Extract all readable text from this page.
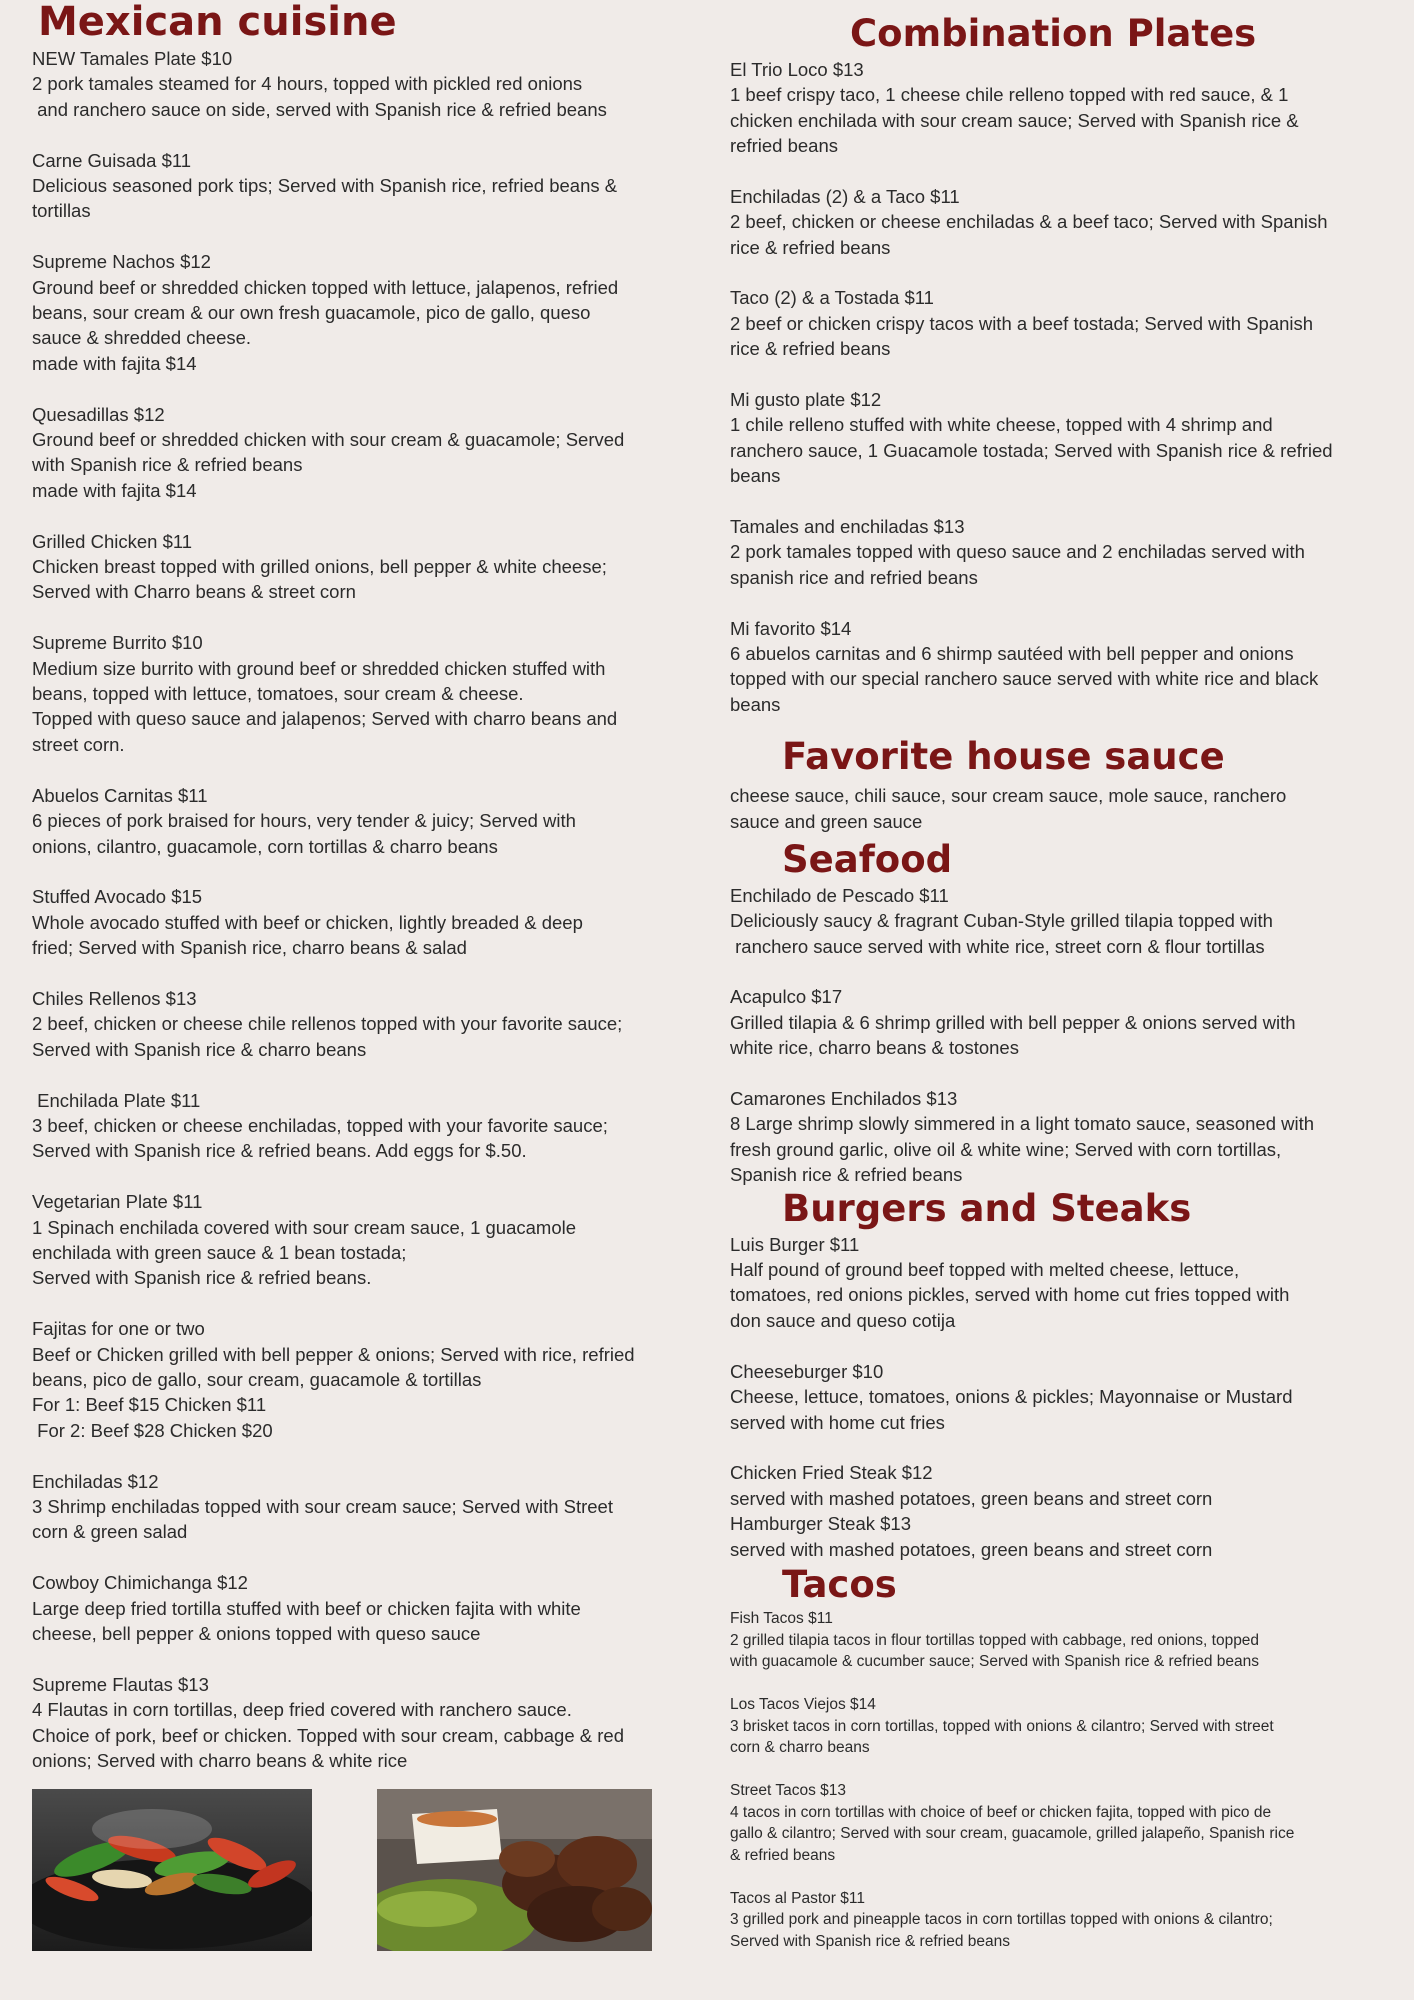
Mexican cuisine

NEW Tamales Plate $10

2 pork tamales steamed for 4 hours, topped with pickled red onions

and ranchero sauce on side, served with Spanish rice & refried beans

Carne Guisada $11

Delicious seasoned pork tips; Served with Spanish rice, refried beans &

tortillas

Supreme Nachos $12

Ground beef or shredded chicken topped with lettuce, jalapenos, refried

beans, sour cream & our own fresh guacamole, pico de gallo, queso

sauce & shredded cheese.

made with fajita $14

Quesadillas $12

Ground beef or shredded chicken with sour cream & guacamole; Served

with Spanish rice & refried beans

made with fajita $14

Grilled Chicken $11

Chicken breast topped with grilled onions, bell pepper & white cheese;

Served with Charro beans & street corn

Supreme Burrito $10

Medium size burrito with ground beef or shredded chicken stuffed with

beans, topped with lettuce, tomatoes, sour cream & cheese.

Topped with queso sauce and jalapenos; Served with charro beans and

street corn.

Abuelos Carnitas $11

6 pieces of pork braised for hours, very tender & juicy; Served with

onions, cilantro, guacamole, corn tortillas & charro beans

Stuffed Avocado $15

Whole avocado stuffed with beef or chicken, lightly breaded & deep

fried; Served with Spanish rice, charro beans & salad

Chiles Rellenos $13

2 beef, chicken or cheese chile rellenos topped with your favorite sauce;

Served with Spanish rice & charro beans

Enchilada Plate $11

3 beef, chicken or cheese enchiladas, topped with your favorite sauce;

Served with Spanish rice & refried beans. Add eggs for $.50.

Vegetarian Plate $11

1 Spinach enchilada covered with sour cream sauce, 1 guacamole

enchilada with green sauce & 1 bean tostada;

Served with Spanish rice & refried beans.

Fajitas for one or two

Beef or Chicken grilled with bell pepper & onions; Served with rice, refried

beans, pico de gallo, sour cream, guacamole & tortillas

For 1: Beef $15 Chicken $11

For 2: Beef $28 Chicken $20

Enchiladas $12

3 Shrimp enchiladas topped with sour cream sauce; Served with Street

corn & green salad

Cowboy Chimichanga $12

Large deep fried tortilla stuffed with beef or chicken fajita with white

cheese, bell pepper & onions topped with queso sauce

Supreme Flautas $13

4 Flautas in corn tortillas, deep fried covered with ranchero sauce.

Choice of pork, beef or chicken. Topped with sour cream, cabbage & red

onions; Served with charro beans & white rice

Combination Plates

El Trio Loco $13

1 beef crispy taco, 1 cheese chile relleno topped with red sauce, & 1

chicken enchilada with sour cream sauce; Served with Spanish rice &

refried beans

Enchiladas (2) & a Taco $11

2 beef, chicken or cheese enchiladas & a beef taco; Served with Spanish

rice & refried beans

Taco (2) & a Tostada $11

2 beef or chicken crispy tacos with a beef tostada; Served with Spanish

rice & refried beans

Mi gusto plate $12

1 chile relleno stuffed with white cheese, topped with 4 shrimp and

ranchero sauce, 1 Guacamole tostada; Served with Spanish rice & refried

beans

Tamales and enchiladas $13

2 pork tamales topped with queso sauce and 2 enchiladas served with

spanish rice and refried beans

Mi favorito $14

6 abuelos carnitas and 6 shirmp sautéed with bell pepper and onions

topped with our special ranchero sauce served with white rice and black

beans

Favorite house sauce

cheese sauce, chili sauce, sour cream sauce, mole sauce, ranchero

sauce and green sauce

Seafood

Enchilado de Pescado $11

Deliciously saucy & fragrant Cuban-Style grilled tilapia topped with

ranchero sauce served with white rice, street corn & flour tortillas

Acapulco $17

Grilled tilapia & 6 shrimp grilled with bell pepper & onions served with

white rice, charro beans & tostones

Camarones Enchilados $13

8 Large shrimp slowly simmered in a light tomato sauce, seasoned with

fresh ground garlic, olive oil & white wine; Served with corn tortillas,

Spanish rice & refried beans

Burgers and Steaks

Luis Burger $11

Half pound of ground beef topped with melted cheese, lettuce,

tomatoes, red onions pickles, served with home cut fries topped with

don sauce and queso cotija

Cheeseburger $10

Cheese, lettuce, tomatoes, onions & pickles; Mayonnaise or Mustard

served with home cut fries

Chicken Fried Steak $12

served with mashed potatoes, green beans and street corn

Hamburger Steak $13

served with mashed potatoes, green beans and street corn

Tacos

Fish Tacos $11

2 grilled tilapia tacos in flour tortillas topped with cabbage, red onions, topped

with guacamole & cucumber sauce; Served with Spanish rice & refried beans

Los Tacos Viejos $14

3 brisket tacos in corn tortillas, topped with onions & cilantro; Served with street

corn & charro beans

Street Tacos $13

4 tacos in corn tortillas with choice of beef or chicken fajita, topped with pico de

gallo & cilantro; Served with sour cream, guacamole, grilled jalapeño, Spanish rice

& refried beans

Tacos al Pastor $11

3 grilled pork and pineapple tacos in corn tortillas topped with onions & cilantro;

Served with Spanish rice & refried beans
